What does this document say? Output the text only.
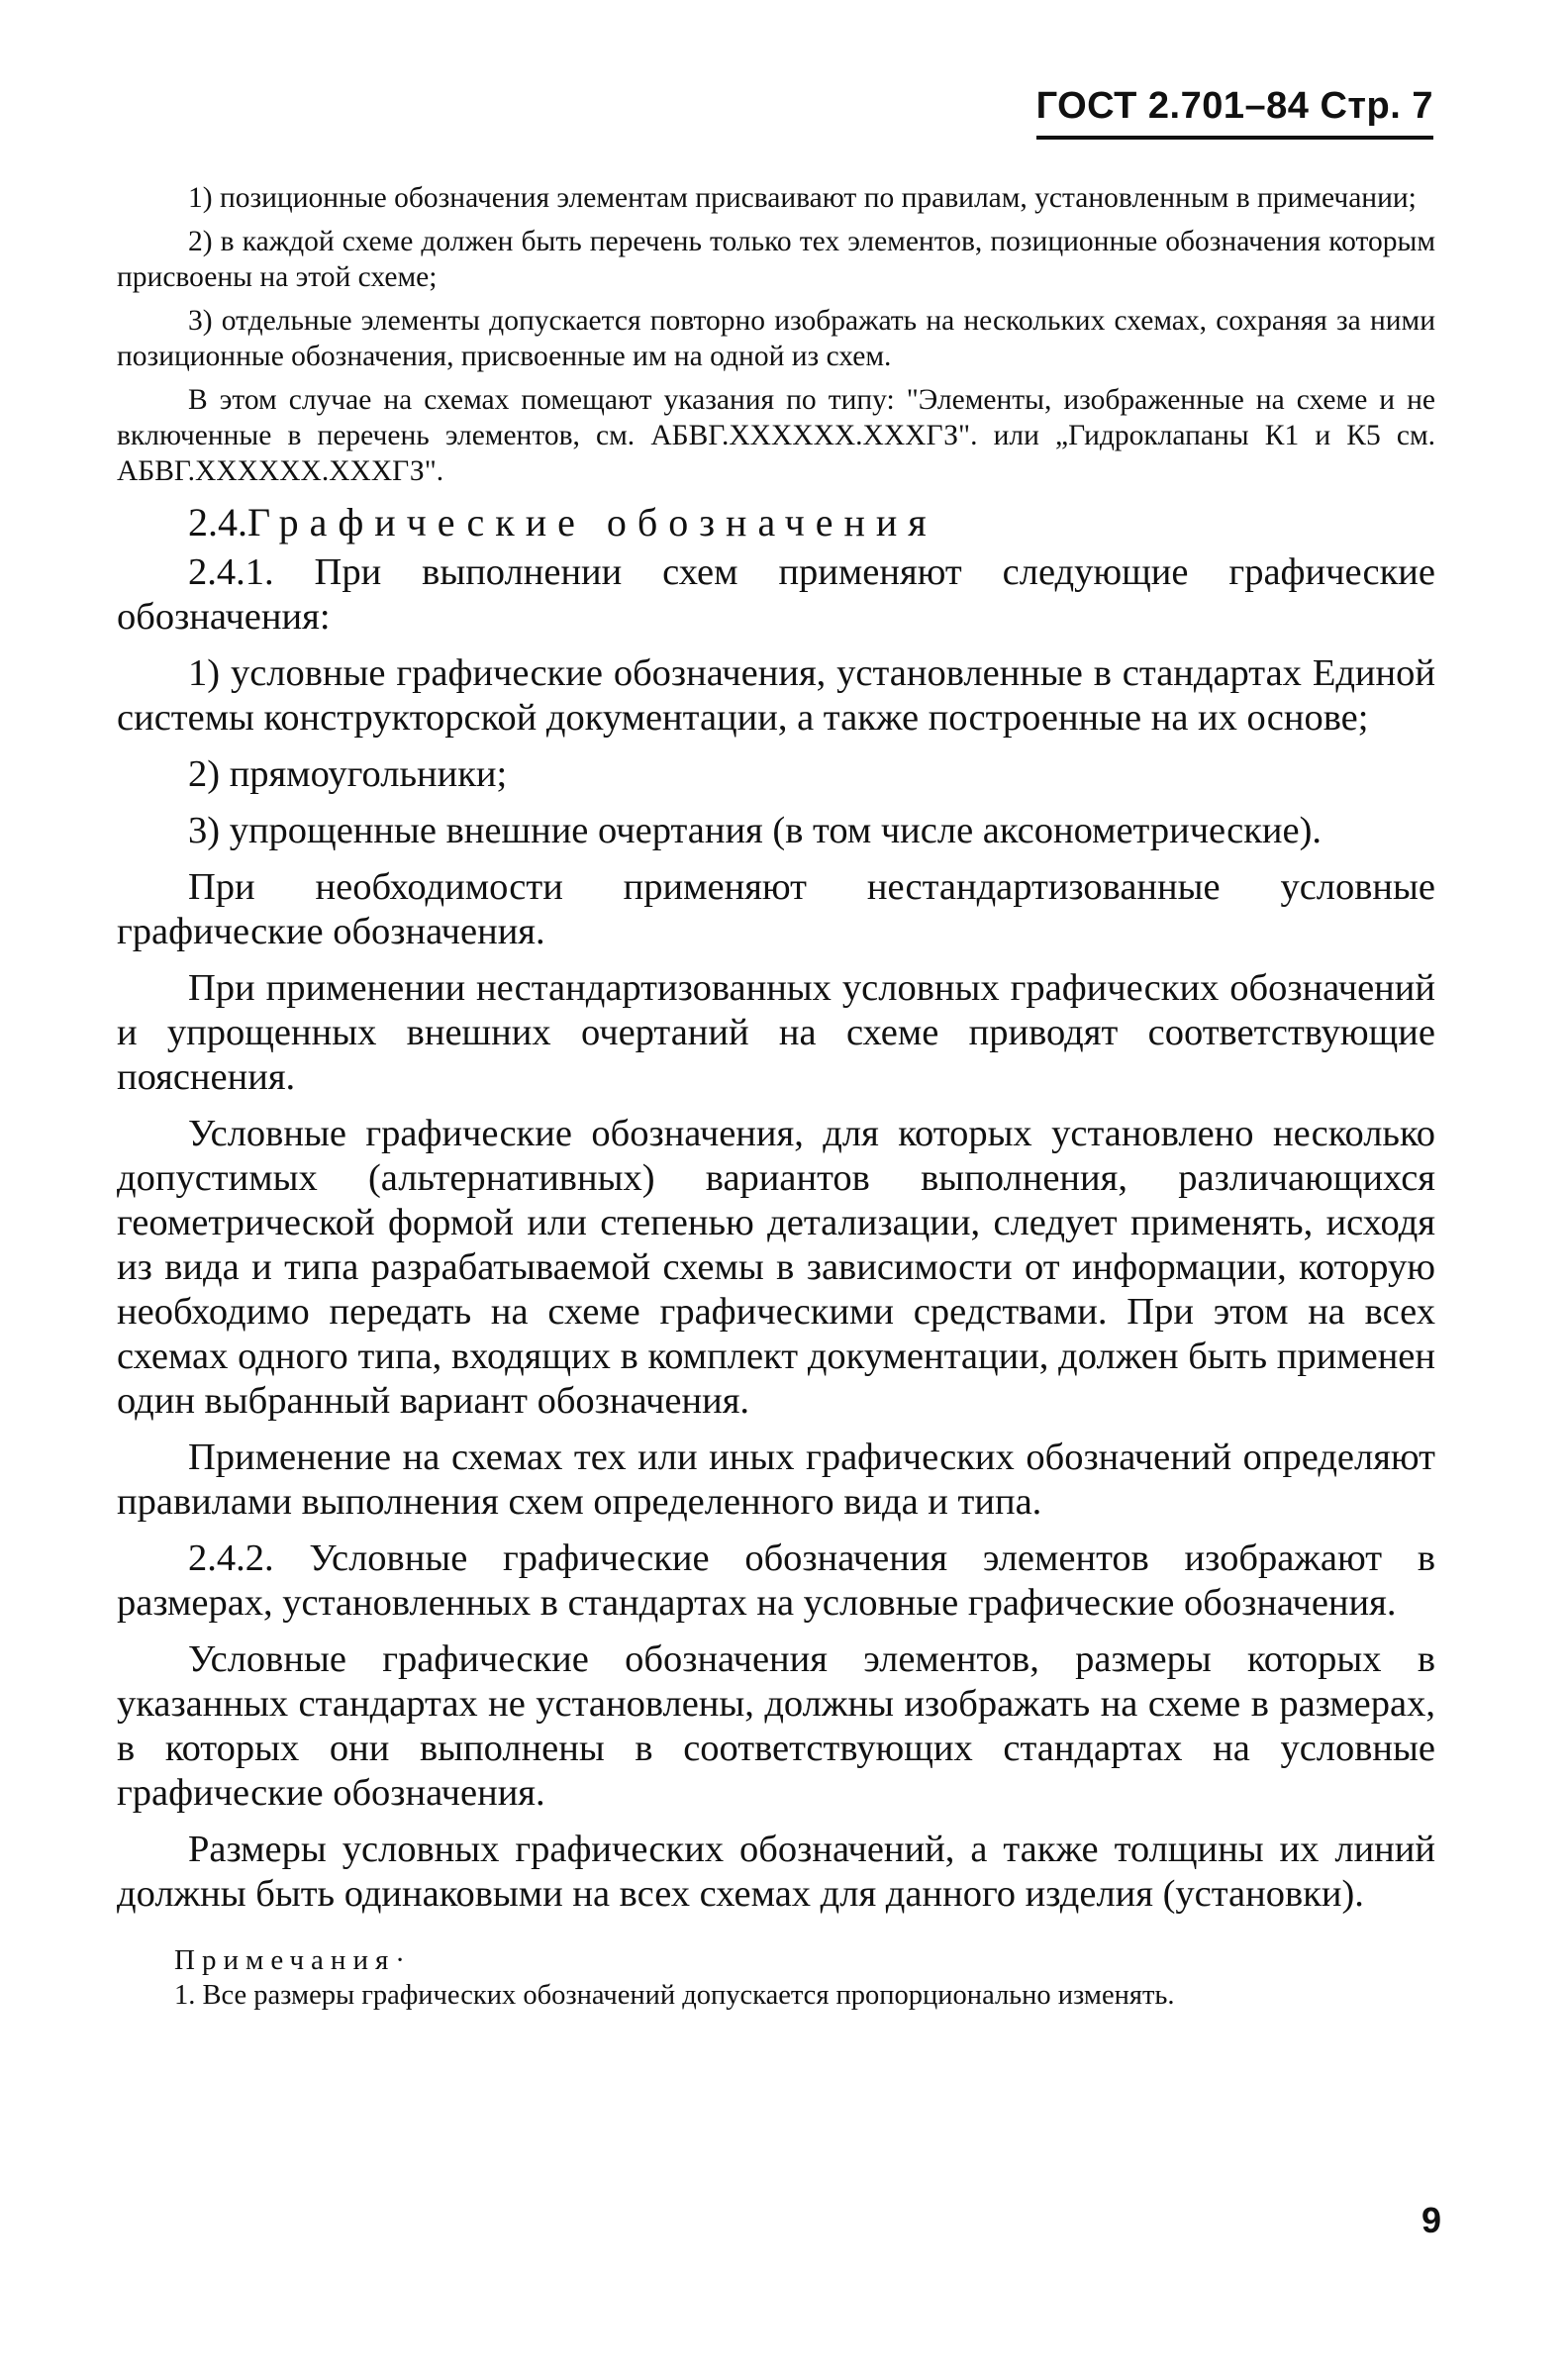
ГОСТ 2.701–84 Стр. 7

1) позиционные обозначения элементам присваивают по правилам, установленным в примечании;

2) в каждой схеме должен быть перечень только тех элементов, позиционные обозначения которым присвоены на этой схеме;

3) отдельные элементы допускается повторно изображать на нескольких схемах, сохраняя за ними позиционные обозначения, присвоенные им на одной из схем.

В этом случае на схемах помещают указания по типу: "Элементы, изображенные на схеме и не включенные в перечень элементов, см. АБВГ.XXXXXX.XXXГЗ". или „Гидроклапаны К1 и К5 см. АБВГ.XXXXXX.XXXГЗ".

2.4.Графические обозначения

2.4.1. При выполнении схем применяют следующие графические обозначения:

1) условные графические обозначения, установленные в стандартах Единой системы конструкторской документации, а также построенные на их основе;

2) прямоугольники;

3) упрощенные внешние очертания (в том числе аксонометрические).

При необходимости применяют нестандартизованные условные графические обозначения.

При применении нестандартизованных условных графических обозначений и упрощенных внешних очертаний на схеме приводят соответствующие пояснения.

Условные графические обозначения, для которых установлено несколько допустимых (альтернативных) вариантов выполнения, различающихся геометрической формой или степенью детализации, следует применять, исходя из вида и типа разрабатываемой схемы в зависимости от информации, которую необходимо передать на схеме графическими средствами. При этом на всех схемах одного типа, входящих в комплект документации, должен быть применен один выбранный вариант обозначения.

Применение на схемах тех или иных графических обозначений определяют правилами выполнения схем определенного вида и типа.

2.4.2. Условные графические обозначения элементов изображают в размерах, установленных в стандартах на условные графические обозначения.

Условные графические обозначения элементов, размеры которых в указанных стандартах не установлены, должны изображать на схеме в размерах, в которых они выполнены в соответствующих стандартах на условные графические обозначения.

Размеры условных графических обозначений, а также толщины их линий должны быть одинаковыми на всех схемах для данного изделия (установки).

Примечания·

1. Все размеры графических обозначений допускается пропорционально изменять.

9
